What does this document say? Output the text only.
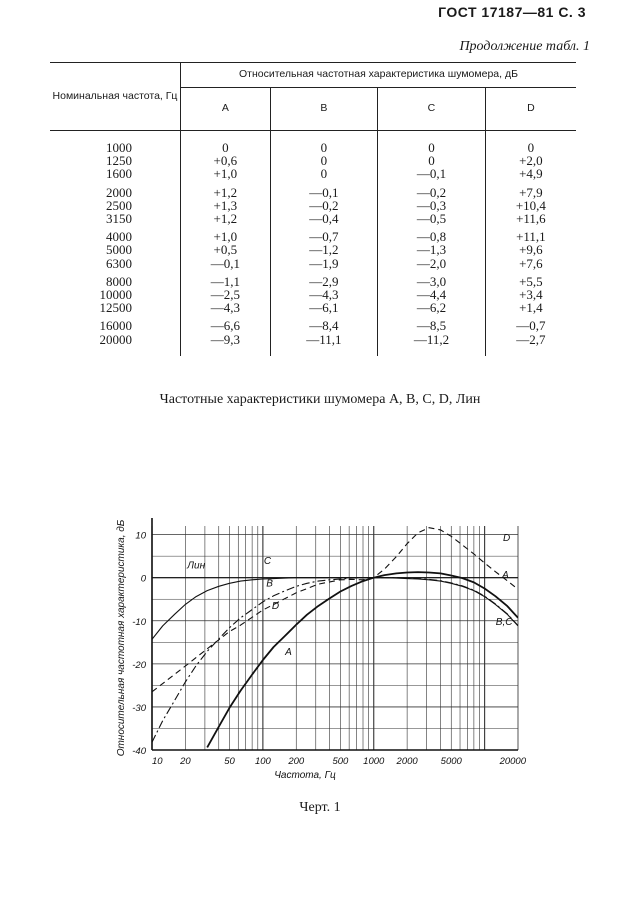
ГОСТ 17187—81 С. 3
Продолжение табл. 1
Номинальная частота, Гц	Относительная частотная характеристика шумомера, дБ			
	A	B	C	D
1000	0	0	0	0
1250	+0,6	0	0	+2,0
1600	+1,0	0	—0,1	+4,9
2000	+1,2	—0,1	—0,2	+7,9
2500	+1,3	—0,2	—0,3	+10,4
3150	+1,2	—0,4	—0,5	+11,6
4000	+1,0	—0,7	—0,8	+11,1
5000	+0,5	—1,2	—1,3	+9,6
6300	—0,1	—1,9	—2,0	+7,6
8000	—1,1	—2,9	—3,0	+5,5
10000	—2,5	—4,3	—4,4	+3,4
12500	—4,3	—6,1	—6,2	+1,4
16000	—6,6	—8,4	—8,5	—0,7
20000	—9,3	—11,1	—11,2	—2,7
Частотные характеристики шумомера А, В, С, D, Лин
10
0
-10
-20
-30
-40
10 20	50 100 200	500 1000 2000 5000	20000
Частота, Гц
Относительная частотная характеристика, дБ	Лин	C
B
D
A
D
A
B,C
Черт. 1
